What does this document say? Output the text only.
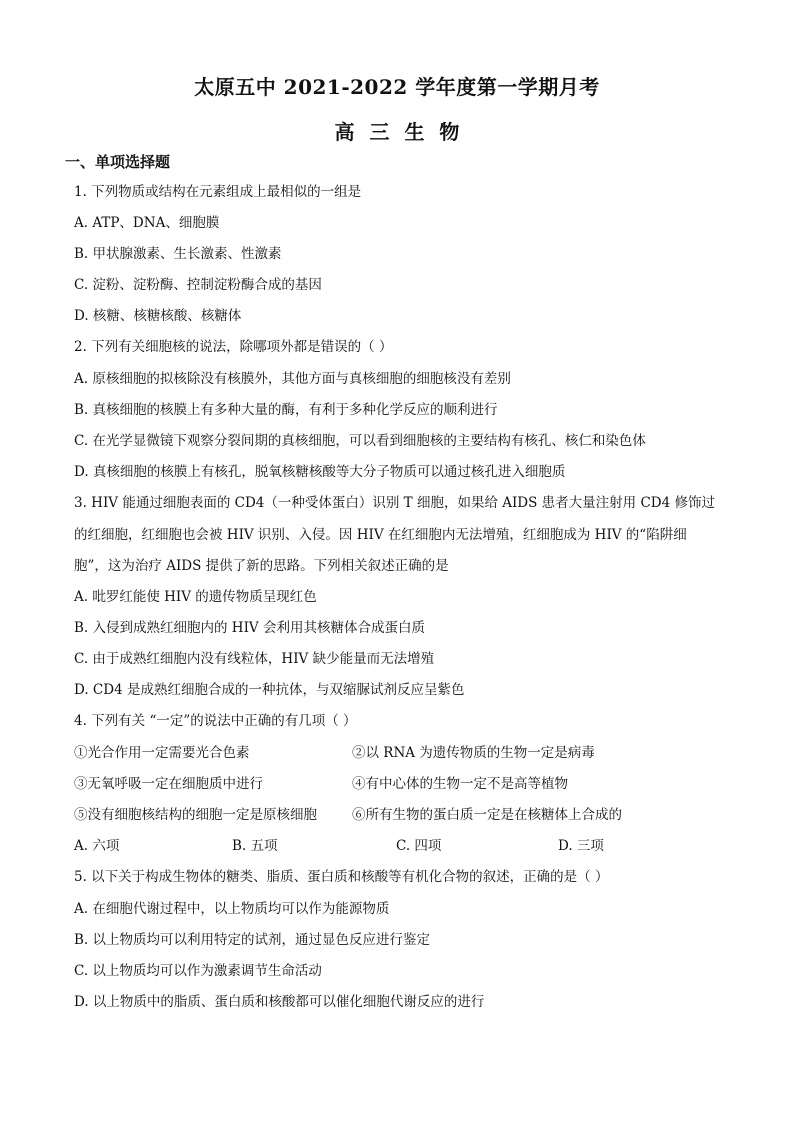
太原五中 2021-2022 学年度第一学期月考
高 三 生 物
一、单项选择题
1. 下列物质或结构在元素组成上最相似的一组是
A. ATP、DNA、细胞膜
B. 甲状腺激素、生长激素、性激素
C. 淀粉、淀粉酶、控制淀粉酶合成的基因
D. 核糖、核糖核酸、核糖体
2. 下列有关细胞核的说法，除哪项外都是错误的（ ）
A. 原核细胞的拟核除没有核膜外，其他方面与真核细胞的细胞核没有差别
B. 真核细胞的核膜上有多种大量的酶，有利于多种化学反应的顺利进行
C. 在光学显微镜下观察分裂间期的真核细胞，可以看到细胞核的主要结构有核孔、核仁和染色体
D. 真核细胞的核膜上有核孔，脱氧核糖核酸等大分子物质可以通过核孔进入细胞质
3. HIV 能通过细胞表面的 CD4（一种受体蛋白）识别 T 细胞，如果给 AIDS 患者大量注射用 CD4 修饰过
的红细胞，红细胞也会被 HIV 识别、入侵。因 HIV 在红细胞内无法增殖，红细胞成为 HIV 的“陷阱细
胞”，这为治疗 AIDS 提供了新的思路。下列相关叙述正确的是
A. 吡罗红能使 HIV 的遗传物质呈现红色
B. 入侵到成熟红细胞内的 HIV 会利用其核糖体合成蛋白质
C. 由于成熟红细胞内没有线粒体，HIV 缺少能量而无法增殖
D. CD4 是成熟红细胞合成的一种抗体，与双缩脲试剂反应呈紫色
4. 下列有关 “一定”的说法中正确的有几项（ ）
①光合作用一定需要光合色素	②以 RNA 为遗传物质的生物一定是病毒
③无氧呼吸一定在细胞质中进行	④有中心体的生物一定不是高等植物
⑤没有细胞核结构的细胞一定是原核细胞	⑥所有生物的蛋白质一定是在核糖体上合成的
A. 六项	B. 五项	C. 四项	D. 三项
5. 以下关于构成生物体的糖类、脂质、蛋白质和核酸等有机化合物的叙述，正确的是（ ）
A. 在细胞代谢过程中，以上物质均可以作为能源物质
B. 以上物质均可以利用特定的试剂，通过显色反应进行鉴定
C. 以上物质均可以作为激素调节生命活动
D. 以上物质中的脂质、蛋白质和核酸都可以催化细胞代谢反应的进行
